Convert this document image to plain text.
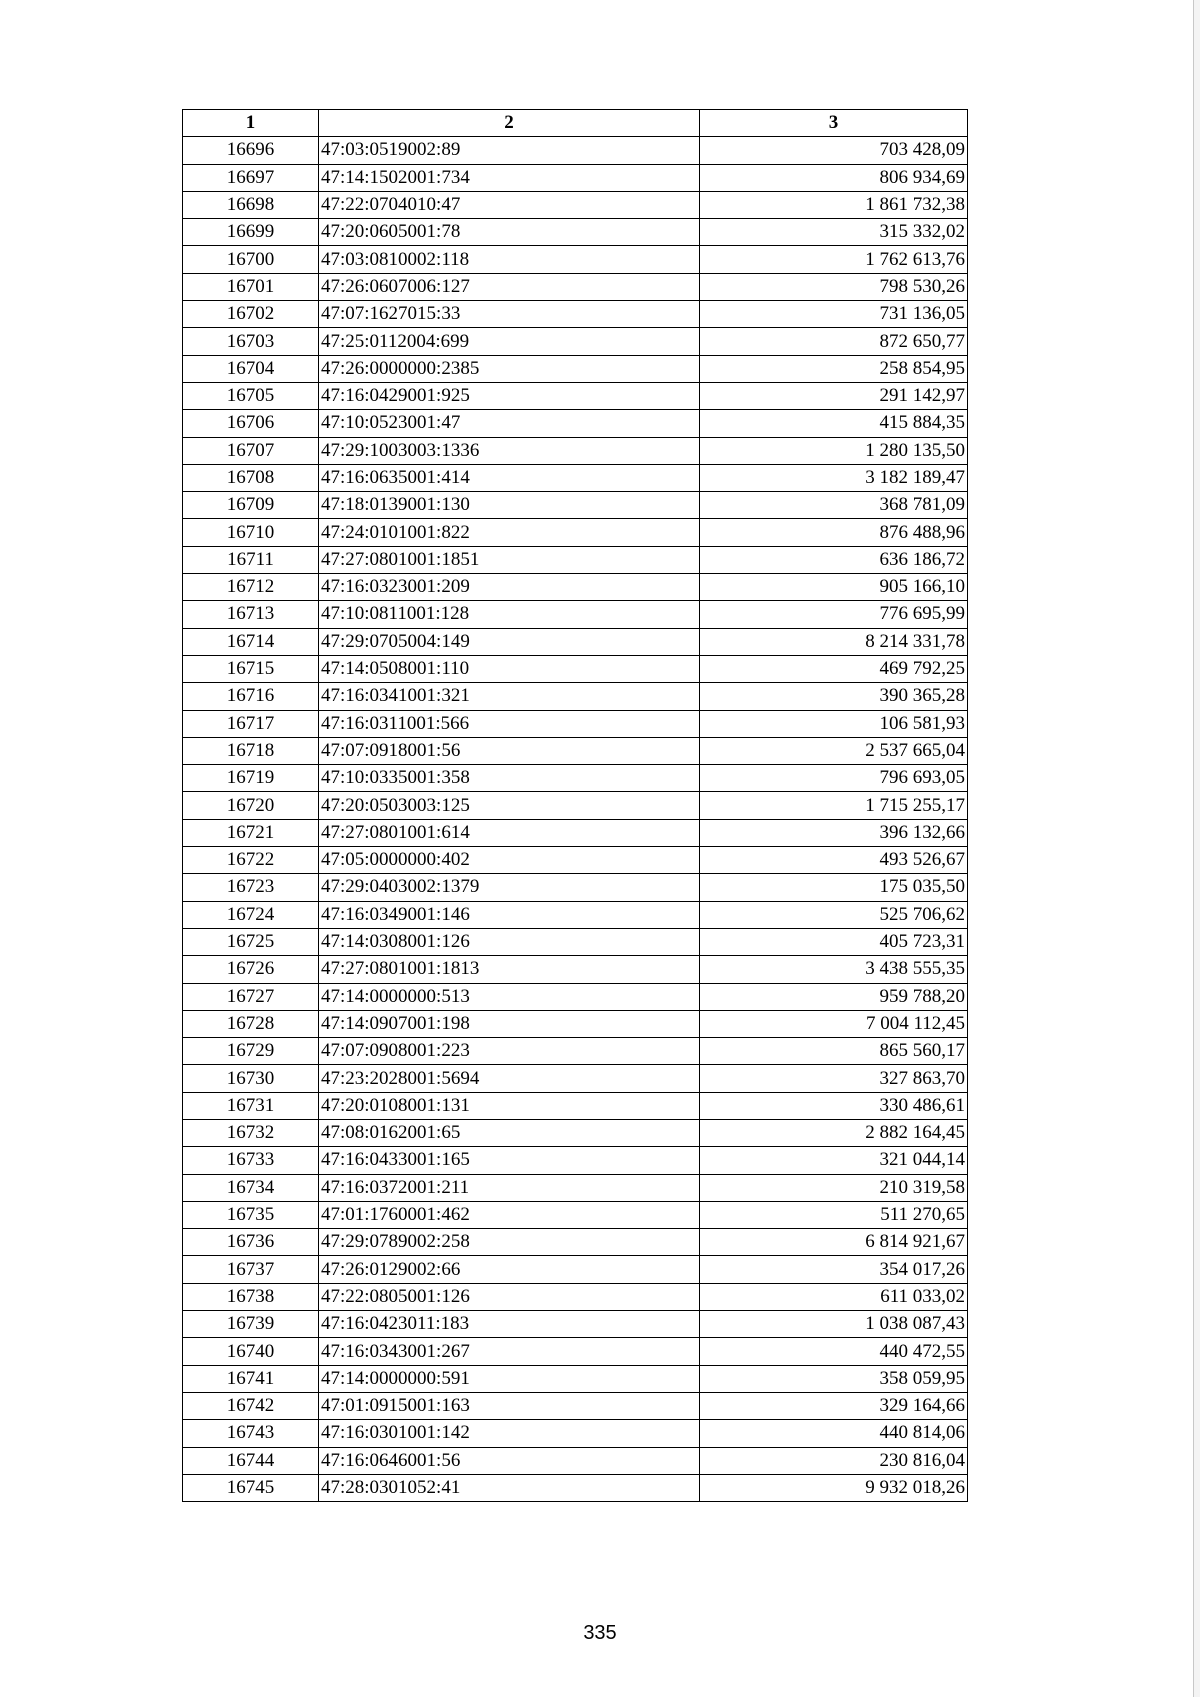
1	2	3
16696	47:03:0519002:89	703 428,09
16697	47:14:1502001:734	806 934,69
16698	47:22:0704010:47	1 861 732,38
16699	47:20:0605001:78	315 332,02
16700	47:03:0810002:118	1 762 613,76
16701	47:26:0607006:127	798 530,26
16702	47:07:1627015:33	731 136,05
16703	47:25:0112004:699	872 650,77
16704	47:26:0000000:2385	258 854,95
16705	47:16:0429001:925	291 142,97
16706	47:10:0523001:47	415 884,35
16707	47:29:1003003:1336	1 280 135,50
16708	47:16:0635001:414	3 182 189,47
16709	47:18:0139001:130	368 781,09
16710	47:24:0101001:822	876 488,96
16711	47:27:0801001:1851	636 186,72
16712	47:16:0323001:209	905 166,10
16713	47:10:0811001:128	776 695,99
16714	47:29:0705004:149	8 214 331,78
16715	47:14:0508001:110	469 792,25
16716	47:16:0341001:321	390 365,28
16717	47:16:0311001:566	106 581,93
16718	47:07:0918001:56	2 537 665,04
16719	47:10:0335001:358	796 693,05
16720	47:20:0503003:125	1 715 255,17
16721	47:27:0801001:614	396 132,66
16722	47:05:0000000:402	493 526,67
16723	47:29:0403002:1379	175 035,50
16724	47:16:0349001:146	525 706,62
16725	47:14:0308001:126	405 723,31
16726	47:27:0801001:1813	3 438 555,35
16727	47:14:0000000:513	959 788,20
16728	47:14:0907001:198	7 004 112,45
16729	47:07:0908001:223	865 560,17
16730	47:23:2028001:5694	327 863,70
16731	47:20:0108001:131	330 486,61
16732	47:08:0162001:65	2 882 164,45
16733	47:16:0433001:165	321 044,14
16734	47:16:0372001:211	210 319,58
16735	47:01:1760001:462	511 270,65
16736	47:29:0789002:258	6 814 921,67
16737	47:26:0129002:66	354 017,26
16738	47:22:0805001:126	611 033,02
16739	47:16:0423011:183	1 038 087,43
16740	47:16:0343001:267	440 472,55
16741	47:14:0000000:591	358 059,95
16742	47:01:0915001:163	329 164,66
16743	47:16:0301001:142	440 814,06
16744	47:16:0646001:56	230 816,04
16745	47:28:0301052:41	9 932 018,26
335
